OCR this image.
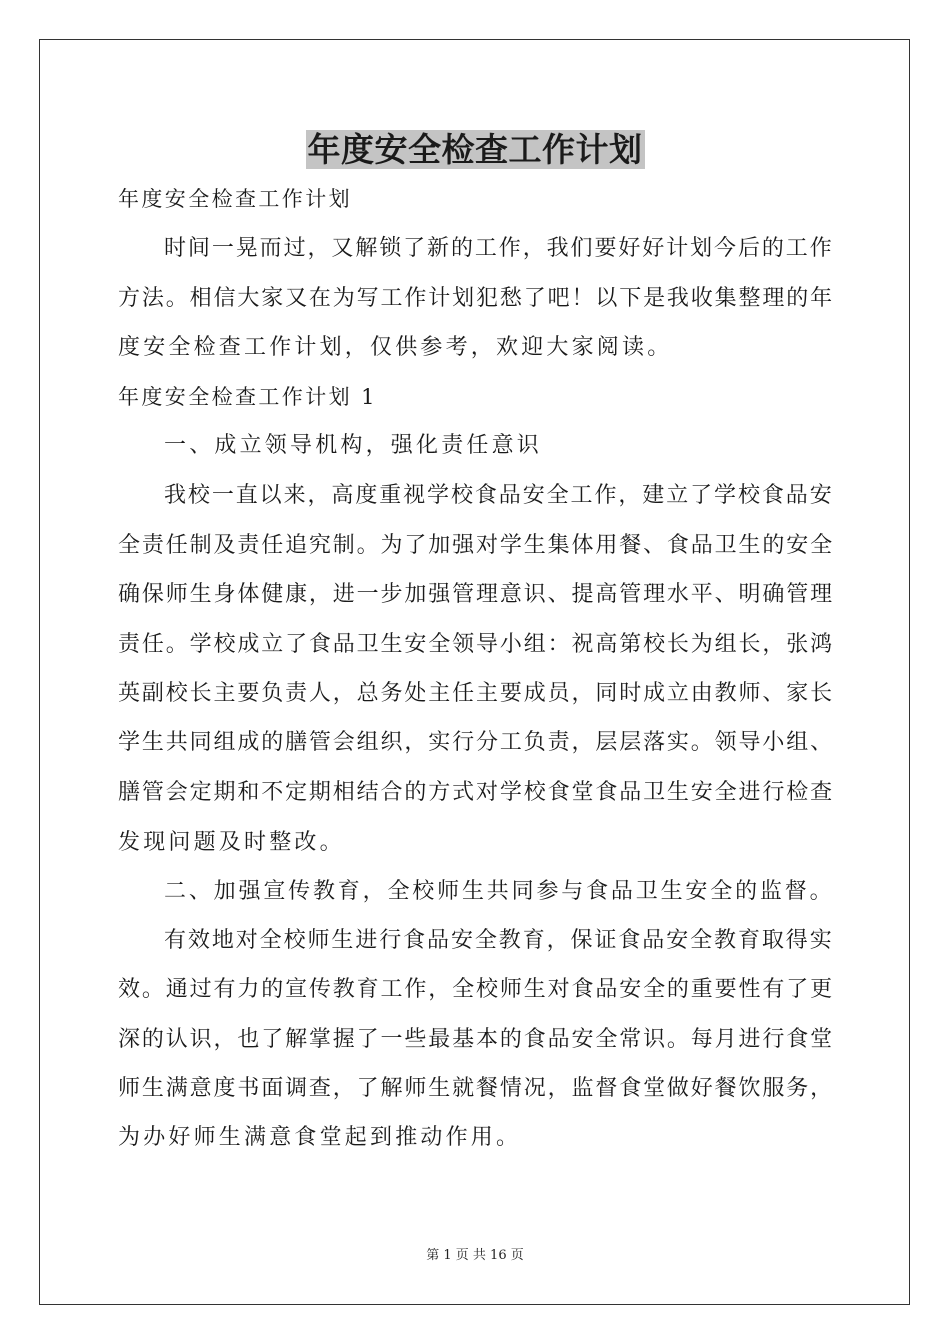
年度安全检查工作计划
年度安全检查工作计划
时间一晃而过，又解锁了新的工作，我们要好好计划今后的工作
方法。相信大家又在为写工作计划犯愁了吧！以下是我收集整理的年
度安全检查工作计划，仅供参考，欢迎大家阅读。
年度安全检查工作计划 1
一、成立领导机构，强化责任意识
我校一直以来，高度重视学校食品安全工作，建立了学校食品安
全责任制及责任追究制。为了加强对学生集体用餐、食品卫生的安全
确保师生身体健康，进一步加强管理意识、提高管理水平、明确管理
责任。学校成立了食品卫生安全领导小组：祝高第校长为组长，张鸿
英副校长主要负责人，总务处主任主要成员，同时成立由教师、家长
学生共同组成的膳管会组织，实行分工负责，层层落实。领导小组、
膳管会定期和不定期相结合的方式对学校食堂食品卫生安全进行检查
发现问题及时整改。
二、加强宣传教育，全校师生共同参与食品卫生安全的监督。
有效地对全校师生进行食品安全教育，保证食品安全教育取得实
效。通过有力的宣传教育工作，全校师生对食品安全的重要性有了更
深的认识，也了解掌握了一些最基本的食品安全常识。每月进行食堂
师生满意度书面调查，了解师生就餐情况，监督食堂做好餐饮服务，
为办好师生满意食堂起到推动作用。
第 1 页 共 16 页
